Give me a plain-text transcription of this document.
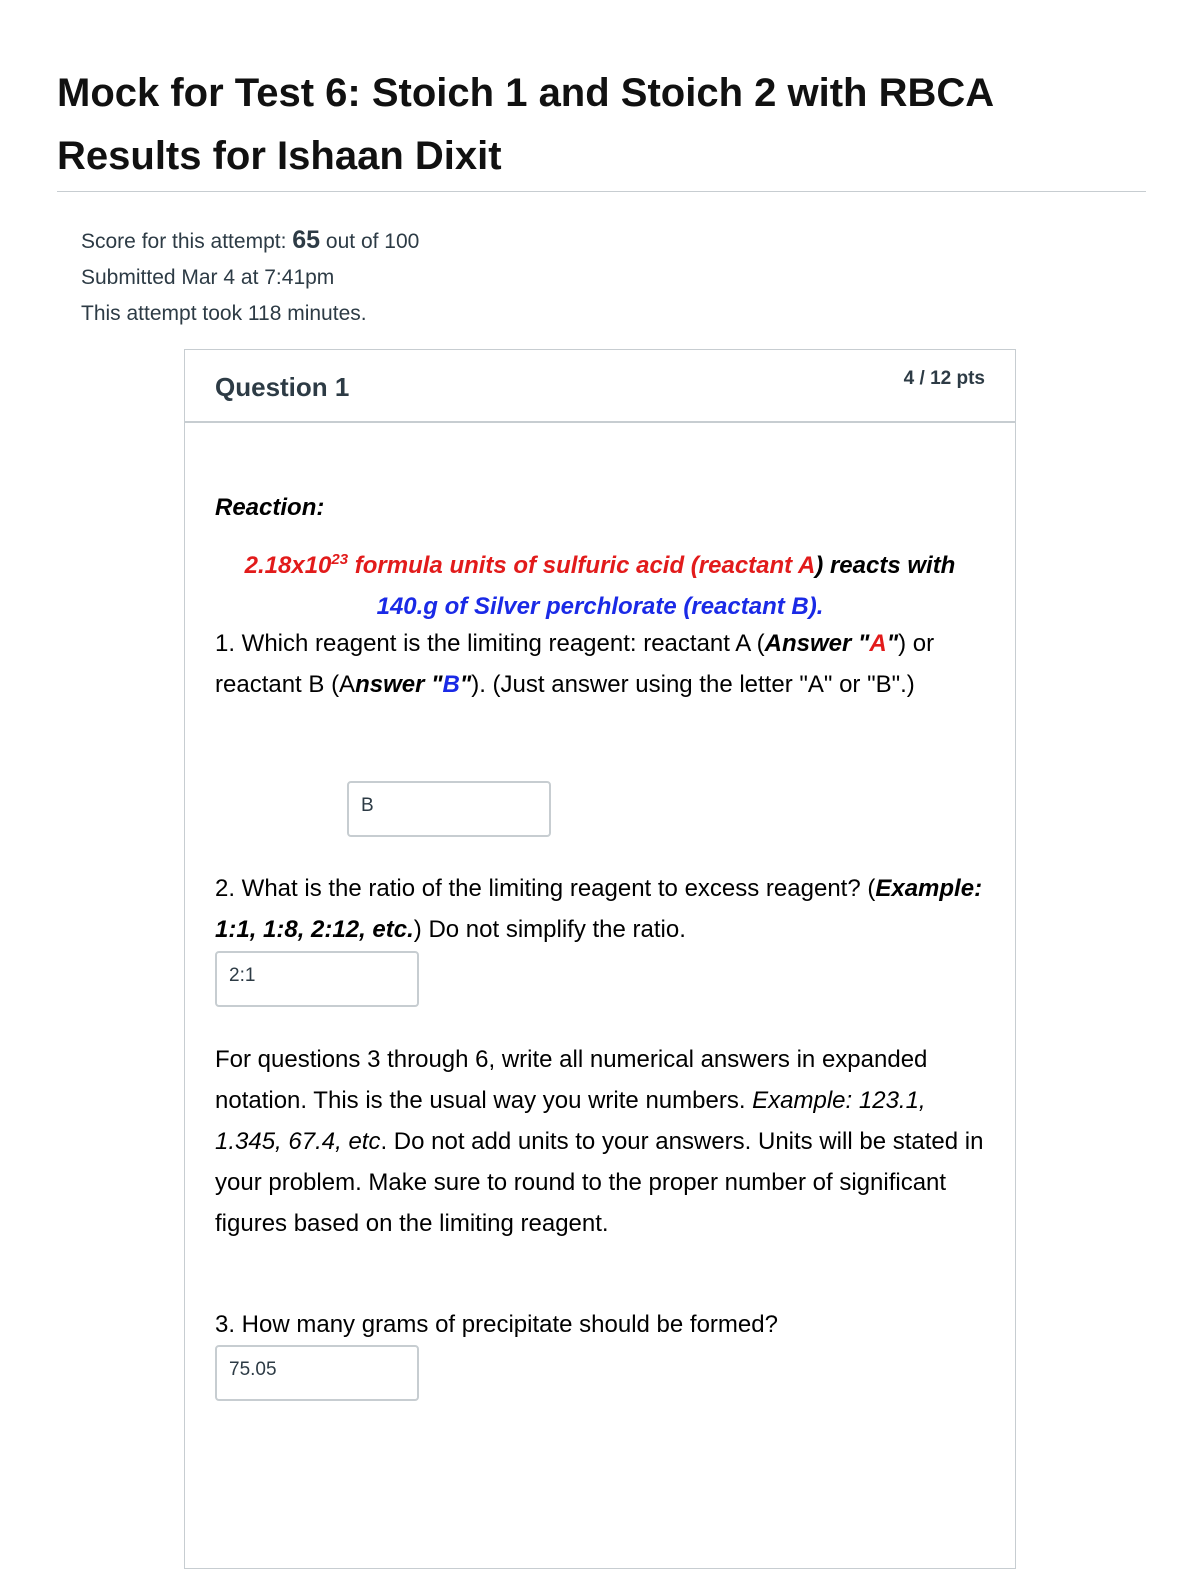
Mock for Test 6: Stoich 1 and Stoich 2 with RBCA
Results for Ishaan Dixit
Score for this attempt: 65 out of 100
Submitted Mar 4 at 7:41pm
This attempt took 118 minutes.
Question 1	4 / 12 pts
Reaction:
$2.18x10^{23}$ formula units of sulfuric acid (reactant A) reacts with 140.g of Silver perchlorate (reactant B).
1. Which reagent is the limiting reagent: reactant A (Answer "A") or reactant B (Answer "B"). (Just answer using the letter "A" or "B".)
B
2. What is the ratio of the limiting reagent to excess reagent? (Example: 1:1, 1:8, 2:12, etc.) Do not simplify the ratio.
2:1
For questions 3 through 6, write all numerical answers in expanded notation. This is the usual way you write numbers. Example: 123.1, 1.345, 67.4, etc. Do not add units to your answers. Units will be stated in your problem. Make sure to round to the proper number of significant figures based on the limiting reagent.
3. How many grams of precipitate should be formed?
75.05
